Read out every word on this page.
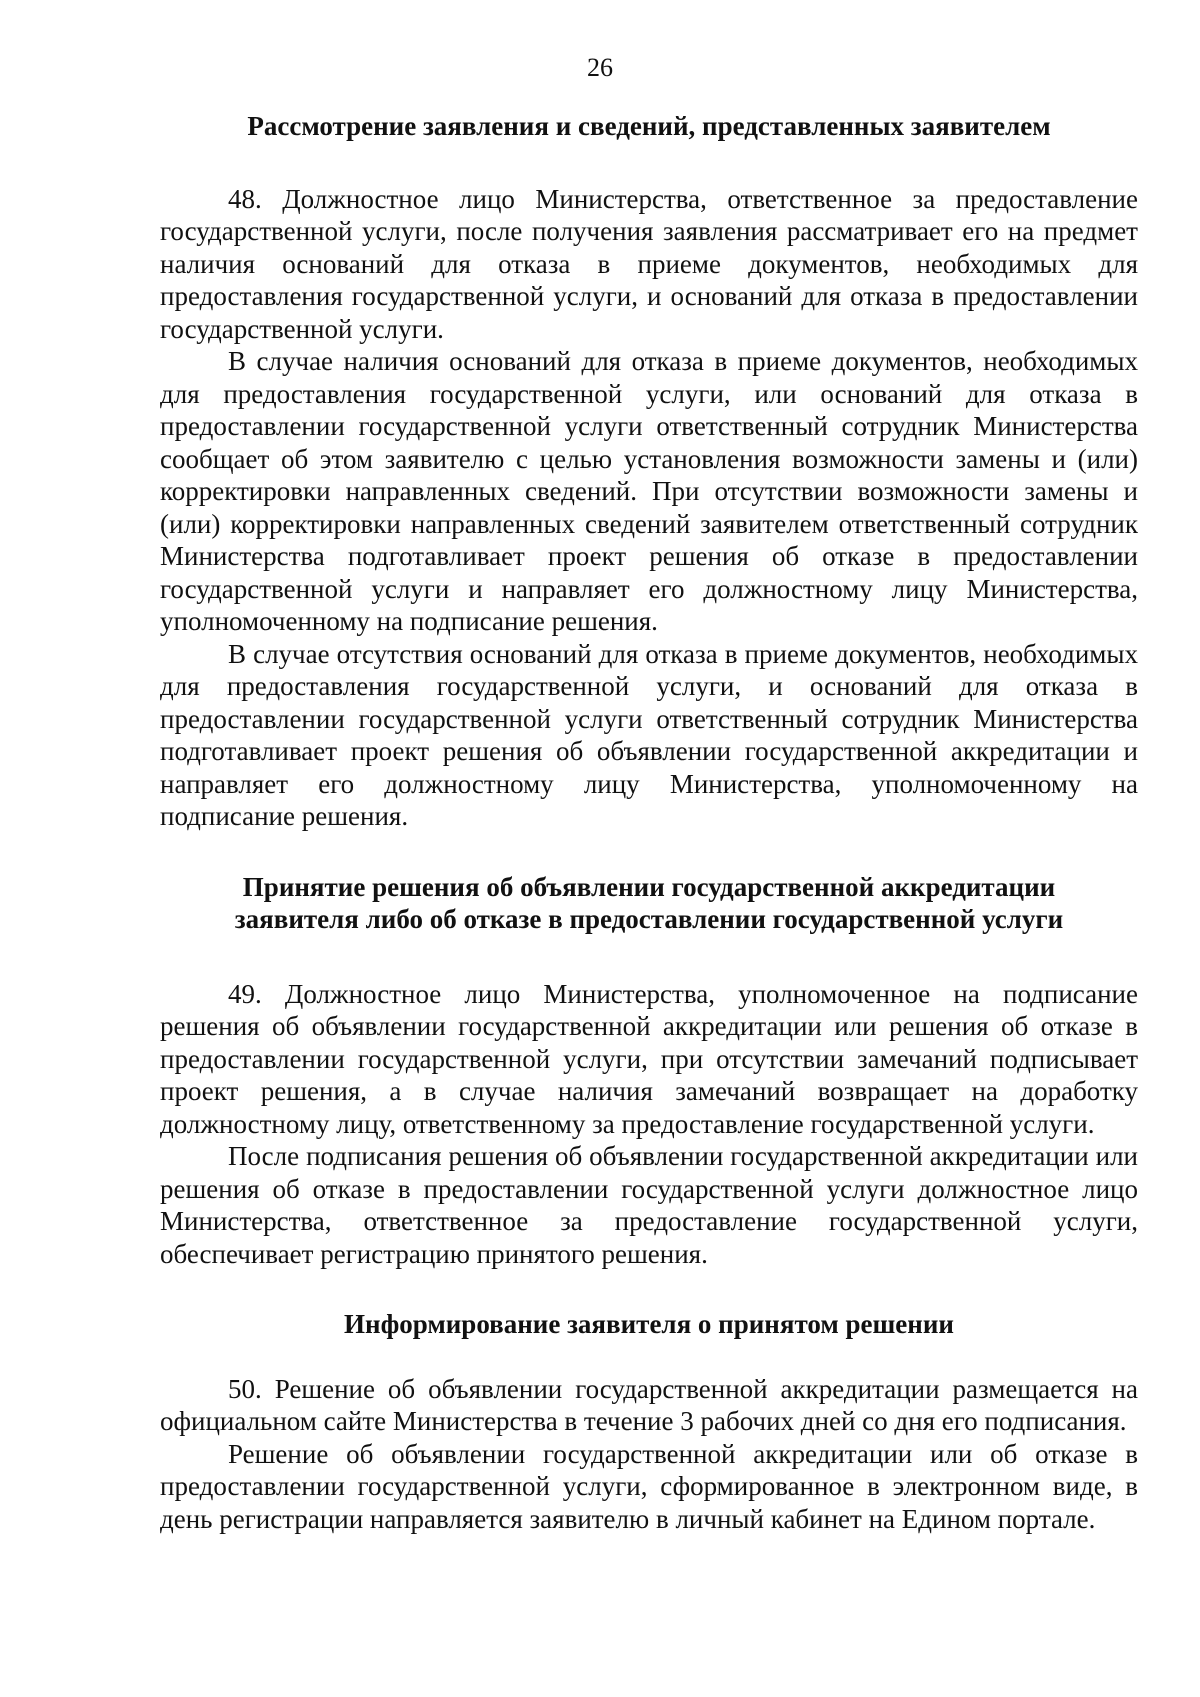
26
Рассмотрение заявления и сведений, представленных заявителем

48. Должностное лицо Министерства, ответственное за предоставление государственной услуги, после получения заявления рассматривает его на предмет наличия оснований для отказа в приеме документов, необходимых для предоставления государственной услуги, и оснований для отказа в предоставлении государственной услуги.

В случае наличия оснований для отказа в приеме документов, необходимых для предоставления государственной услуги, или оснований для отказа в предоставлении государственной услуги ответственный сотрудник Министерства сообщает об этом заявителю с целью установления возможности замены и (или) корректировки направленных сведений. При отсутствии возможности замены и (или) корректировки направленных сведений заявителем ответственный сотрудник Министерства подготавливает проект решения об отказе в предоставлении государственной услуги и направляет его должностному лицу Министерства, уполномоченному на подписание решения.

В случае отсутствия оснований для отказа в приеме документов, необходимых для предоставления государственной услуги, и оснований для отказа в предоставлении государственной услуги ответственный сотрудник Министерства подготавливает проект решения об объявлении государственной аккредитации и направляет его должностному лицу Министерства, уполномоченному на подписание решения.

Принятие решения об объявлении государственной аккредитации
заявителя либо об отказе в предоставлении государственной услуги

49. Должностное лицо Министерства, уполномоченное на подписание решения об объявлении государственной аккредитации или решения об отказе в предоставлении государственной услуги, при отсутствии замечаний подписывает проект решения, а в случае наличия замечаний возвращает на доработку должностному лицу, ответственному за предоставление государственной услуги.

После подписания решения об объявлении государственной аккредитации или решения об отказе в предоставлении государственной услуги должностное лицо Министерства, ответственное за предоставление государственной услуги, обеспечивает регистрацию принятого решения.

Информирование заявителя о принятом решении

50. Решение об объявлении государственной аккредитации размещается на официальном сайте Министерства в течение 3 рабочих дней со дня его подписания.

Решение об объявлении государственной аккредитации или об отказе в предоставлении государственной услуги, сформированное в электронном виде, в день регистрации направляется заявителю в личный кабинет на Едином портале.
